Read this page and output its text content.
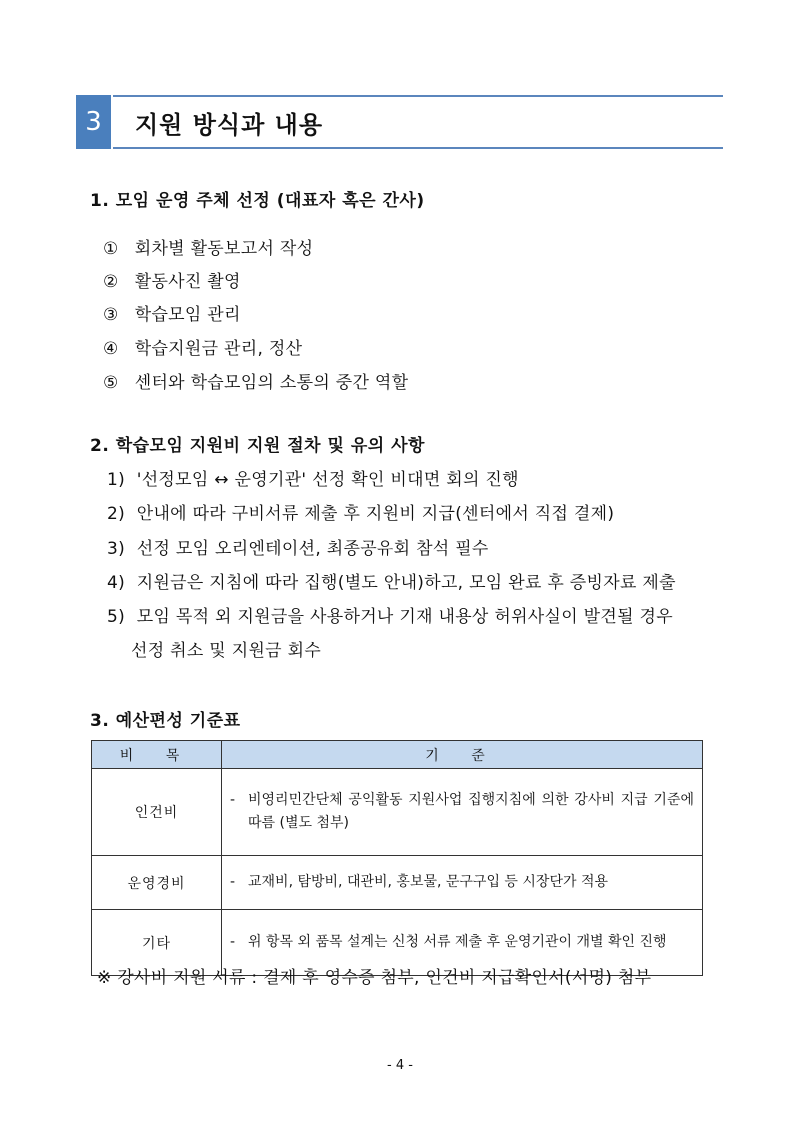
3	지원 방식과 내용
1. 모임 운영 주체 선정 (대표자 혹은 간사)
① 회차별 활동보고서 작성
② 활동사진 촬영
③ 학습모임 관리
④ 학습지원금 관리, 정산
⑤ 센터와 학습모임의 소통의 중간 역할
2. 학습모임 지원비 지원 절차 및 유의 사항
1) '선정모임 ↔ 운영기관' 선정 확인 비대면 회의 진행
2) 안내에 따라 구비서류 제출 후 지원비 지급(센터에서 직접 결제)
3) 선정 모임 오리엔테이션, 최종공유회 참석 필수
4) 지원금은 지침에 따라 집행(별도 안내)하고, 모임 완료 후 증빙자료 제출
5) 모임 목적 외 지원금을 사용하거나 기재 내용상 허위사실이 발견될 경우
선정 취소 및 지원금 회수
3. 예산편성 기준표
비 목	기 준
인건비	- 비영리민간단체 공익활동 지원사업 집행지침에 의한 강사비 지급 기준에 따름 (별도 첨부)

운영경비	- 교재비, 탐방비, 대관비, 홍보물, 문구구입 등 시장단가 적용

기타	- 위 항목 외 품목 설계는 신청 서류 제출 후 운영기관이 개별 확인 진행
※ 강사비 지원 서류 : 결제 후 영수증 첨부, 인건비 지급확인서(서명) 첨부
- 4 -
